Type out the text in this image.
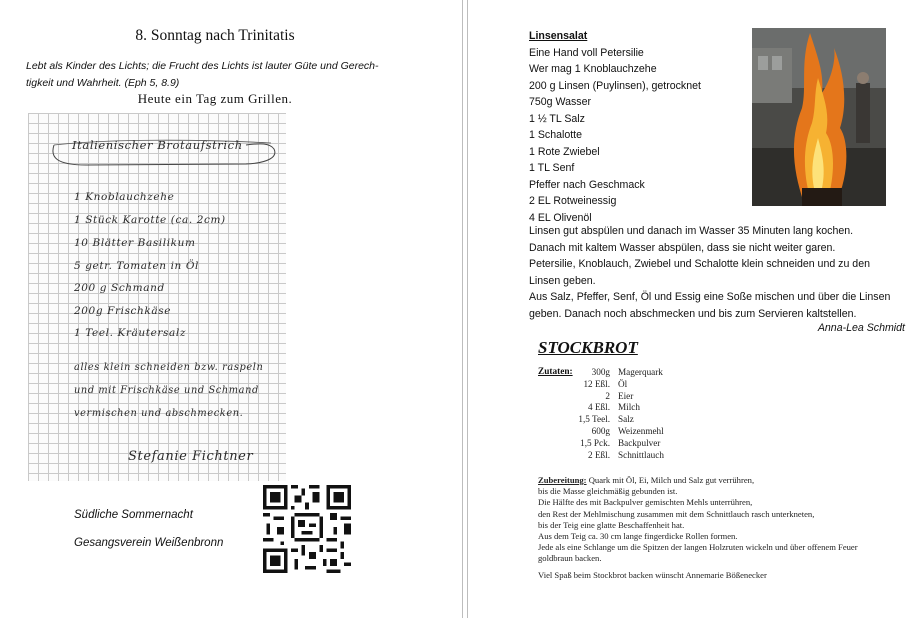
8. Sonntag nach Trinitatis
Lebt als Kinder des Lichts; die Frucht des Lichts ist lauter Güte und Gerech-
tigkeit und Wahrheit. (Eph 5, 8.9)
Heute ein Tag zum Grillen.
Italienischer Brotaufstrich
1 Knoblauchzehe
1 Stück Karotte (ca. 2cm)
10 Blätter Basilikum
5 getr. Tomaten in Öl
200 g Schmand
200g Frischkäse
1 Teel. Kräutersalz
alles klein schneiden bzw. raspeln
und mit Frischkäse und Schmand
vermischen und abschmecken.
Stefanie Fichtner
Südliche Sommernacht
Gesangsverein Weißenbronn
Linsensalat
Eine Hand voll Petersilie
Wer mag 1 Knoblauchzehe
200 g Linsen (Puylinsen), getrocknet
750g Wasser
1 ½ TL Salz
1 Schalotte
1 Rote Zwiebel
1 TL Senf
Pfeffer nach Geschmack
2 EL Rotweinessig
4 EL Olivenöl
Linsen gut abspülen und danach im Wasser 35 Minuten lang kochen.
Danach mit kaltem Wasser abspülen, dass sie nicht weiter garen.
Petersilie, Knoblauch, Zwiebel und Schalotte klein schneiden und zu den
Linsen geben.
Aus Salz, Pfeffer, Senf, Öl und Essig eine Soße mischen und über die Linsen
geben. Danach noch abschmecken und bis zum Servieren kaltstellen.
Anna-Lea Schmidt
STOCKBROT
Zutaten:	300g
12 Eßl.
2
4 Eßl.
1,5 Teel.
600g
1,5 Pck.
2 Eßl.
Magerquark
Öl
Eier
Milch
Salz
Weizenmehl
Backpulver
Schnittlauch
Zubereitung: Quark mit Öl, Ei, Milch und Salz gut verrühren,
bis die Masse gleichmäßig gebunden ist.
Die Hälfte des mit Backpulver gemischten Mehls unterrühren,
den Rest der Mehlmischung zusammen mit dem Schnittlauch rasch unterkneten,
bis der Teig eine glatte Beschaffenheit hat.
Aus dem Teig ca. 30 cm lange fingerdicke Rollen formen.
Jede als eine Schlange um die Spitzen der langen Holzruten wickeln und über offenem Feuer
goldbraun backen.
Viel Spaß beim Stockbrot backen wünscht Annemarie Bößenecker
